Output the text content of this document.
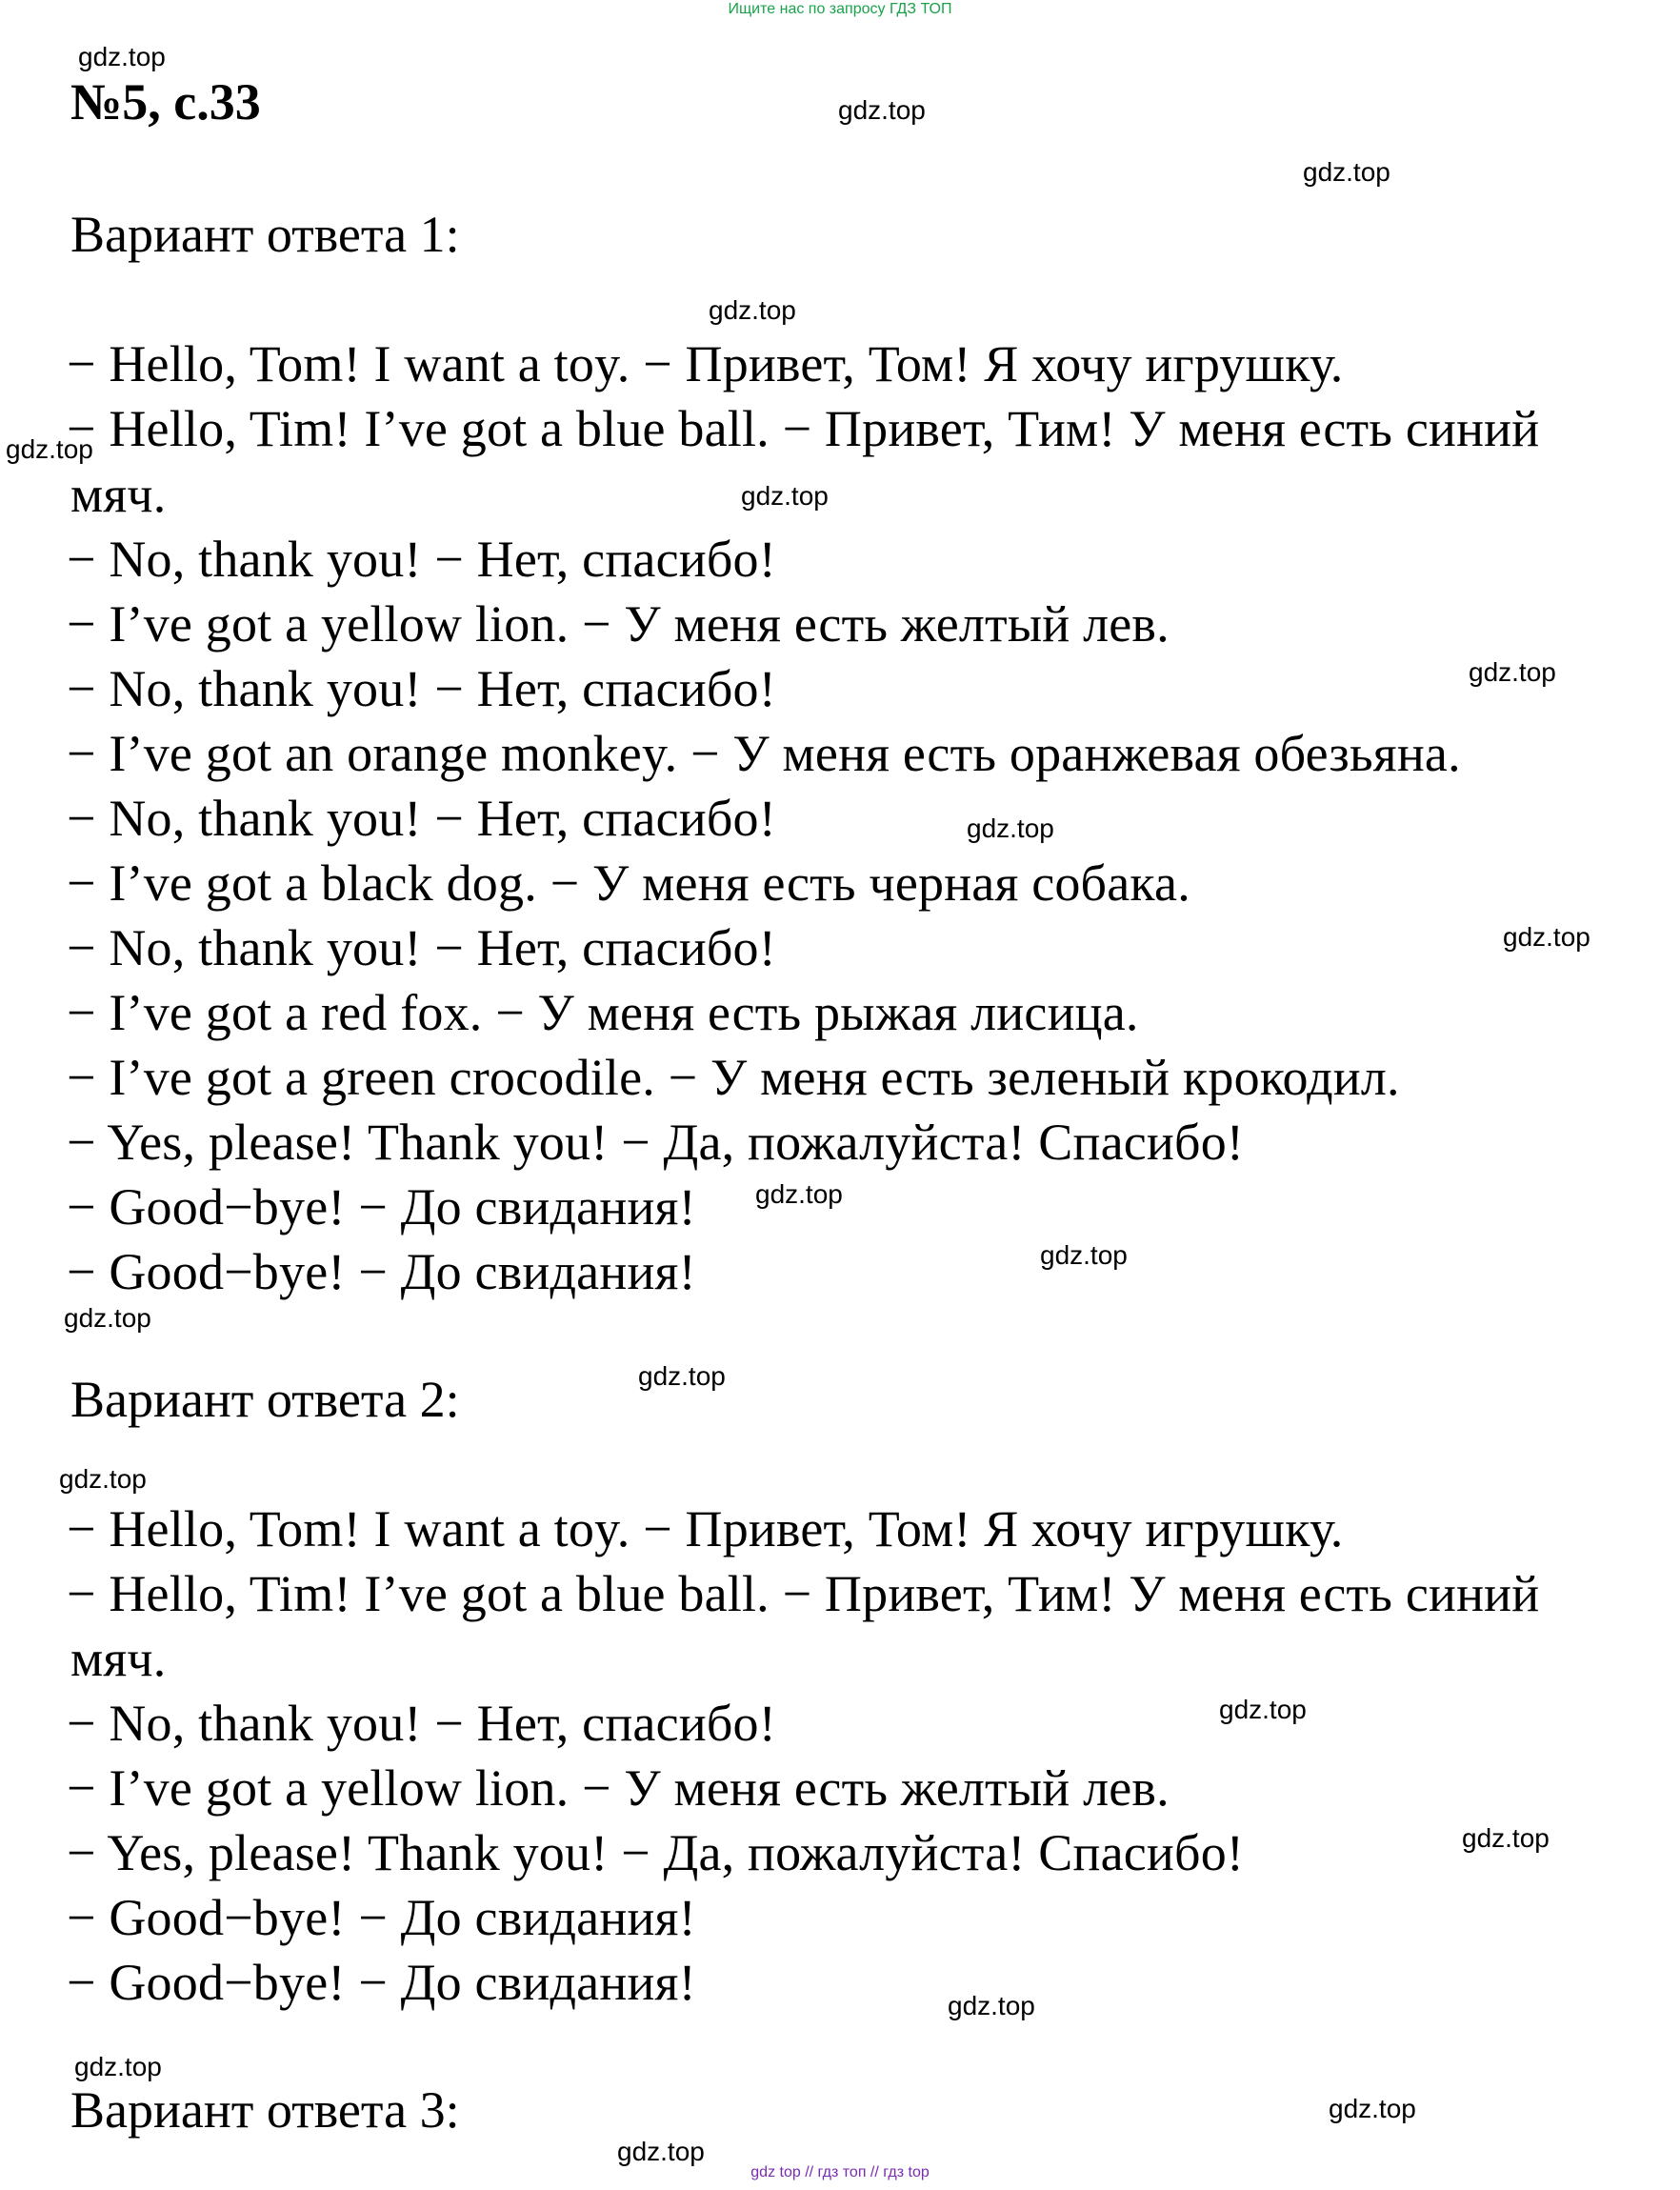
Ищите нас по запросу ГДЗ ТОП
№5, с.33
Вариант ответа 1:
− Hello, Tom! I want a toy. − Привет, Том! Я хочу игрушку.
− Hello, Tim! I’ve got a blue ball. − Привет, Тим! У меня есть синий
мяч.
− No, thank you! − Нет, спасибо!
− I’ve got a yellow lion. − У меня есть желтый лев.
− No, thank you! − Нет, спасибо!
− I’ve got an orange monkey. − У меня есть оранжевая обезьяна.
− No, thank you! − Нет, спасибо!
− I’ve got a black dog. − У меня есть черная собака.
− No, thank you! − Нет, спасибо!
− I’ve got a red fox. − У меня есть рыжая лисица.
− I’ve got a green crocodile. − У меня есть зеленый крокодил.
− Yes, please! Thank you! − Да, пожалуйста! Спасибо!
− Good−bye! − До свидания!
− Good−bye! − До свидания!
Вариант ответа 2:
− Hello, Tom! I want a toy. − Привет, Том! Я хочу игрушку.
− Hello, Tim! I’ve got a blue ball. − Привет, Тим! У меня есть синий
мяч.
− No, thank you! − Нет, спасибо!
− I’ve got a yellow lion. − У меня есть желтый лев.
− Yes, please! Thank you! − Да, пожалуйста! Спасибо!
− Good−bye! − До свидания!
− Good−bye! − До свидания!
Вариант ответа 3:
gdz.top
gdz.top
gdz.top
gdz.top
gdz.top
gdz.top
gdz.top
gdz.top
gdz.top
gdz.top
gdz.top
gdz.top
gdz.top
gdz.top
gdz.top
gdz.top
gdz.top
gdz.top
gdz.top
gdz.top
gdz top // гдз топ // гдз top
